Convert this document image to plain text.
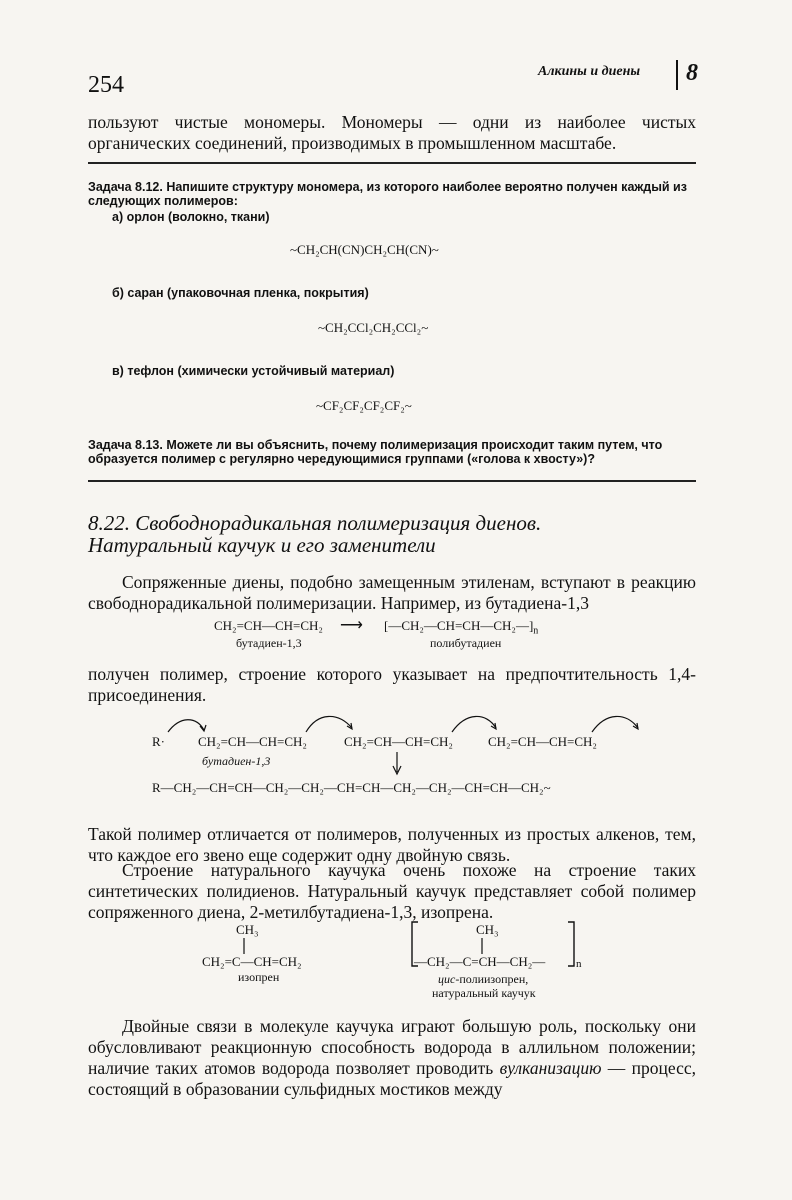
254
Алкины и диены 8
пользуют чистые мономеры. Мономеры — одни из наиболее чистых органических соединений, производимых в промышленном масштабе.
Задача 8.12. Напишите структуру мономера, из которого наиболее вероятно получен каждый из следующих полимеров:
а) орлон (волокно, ткани)
~CH₂CH(CN)CH₂CH(CN)~
б) саран (упаковочная пленка, покрытия)
~CH₂CCl₂CH₂CCl₂~
в) тефлон (химически устойчивый материал)
~CF₂CF₂CF₂CF₂~
Задача 8.13. Можете ли вы объяснить, почему полимеризация происходит таким путем, что образуется полимер с регулярно чередующимися группами («голова к хвосту»)?
8.22. Свободнорадикальная полимеризация диенов.
Натуральный каучук и его заменители
Сопряженные диены, подобно замещенным этиленам, вступают в реакцию свободнорадикальной полимеризации. Например, из бутадиена-1,3
CH₂=CH—CH=CH₂ ⟶ $[—CH_2—CH=CH—CH_2—]_n$
бутадиен-1,3	полибутадиен
получен полимер, строение которого указывает на предпочтительность 1,4-присоединения.
R·	CH₂=CH—CH=CH₂	CH₂=CH—CH=CH₂	CH₂=CH—CH=CH₂
бутадиен-1,3
R—CH₂—CH=CH—CH₂—CH₂—CH=CH—CH₂—CH₂—CH=CH—CH₂~
Такой полимер отличается от полимеров, полученных из простых алкенов, тем, что каждое его звено еще содержит одну двойную связь.
Строение натурального каучука очень похоже на строение таких синтетических полидиенов. Натуральный каучук представляет собой полимер сопряженного диена, 2-метилбутадиена-1,3, изопрена.
CH₃
CH₂=C—CH=CH₂
изопрен
CH₃
—CH₂—C=CH—CH₂—	n
цис-полиизопрен,
натуральный каучук
Двойные связи в молекуле каучука играют большую роль, поскольку они обусловливают реакционную способность водорода в аллильном положении; наличие таких атомов водорода позволяет проводить вулканизацию — процесс, состоящий в образовании сульфидных мостиков между
